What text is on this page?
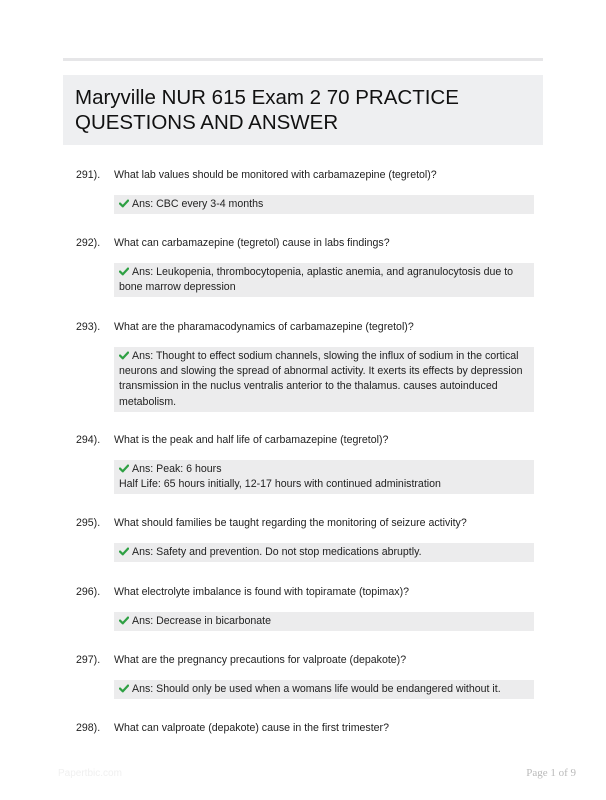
Maryville NUR 615 Exam 2 70 PRACTICE QUESTIONS AND ANSWER
291).	What lab values should be monitored with carbamazepine (tegretol)?
Ans: CBC every 3-4 months
292).	What can carbamazepine (tegretol) cause in labs findings?
Ans: Leukopenia, thrombocytopenia, aplastic anemia, and agranulocytosis due to
bone marrow depression
293).	What are the pharamacodynamics of carbamazepine (tegretol)?
Ans: Thought to effect sodium channels, slowing the influx of sodium in the cortical
neurons and slowing the spread of abnormal activity. It exerts its effects by depression
transmission in the nuclus ventralis anterior to the thalamus. causes autoinduced
metabolism.
294).	What is the peak and half life of carbamazepine (tegretol)?
Ans: Peak: 6 hours
Half Life: 65 hours initially, 12-17 hours with continued administration
295).	What should families be taught regarding the monitoring of seizure activity?
Ans: Safety and prevention. Do not stop medications abruptly.
296).	What electrolyte imbalance is found with topiramate (topimax)?
Ans: Decrease in bicarbonate
297).	What are the pregnancy precautions for valproate (depakote)?
Ans: Should only be used when a womans life would be endangered without it.
298).	What can valproate (depakote) cause in the first trimester?
Papertbic.com	Page 1 of 9
